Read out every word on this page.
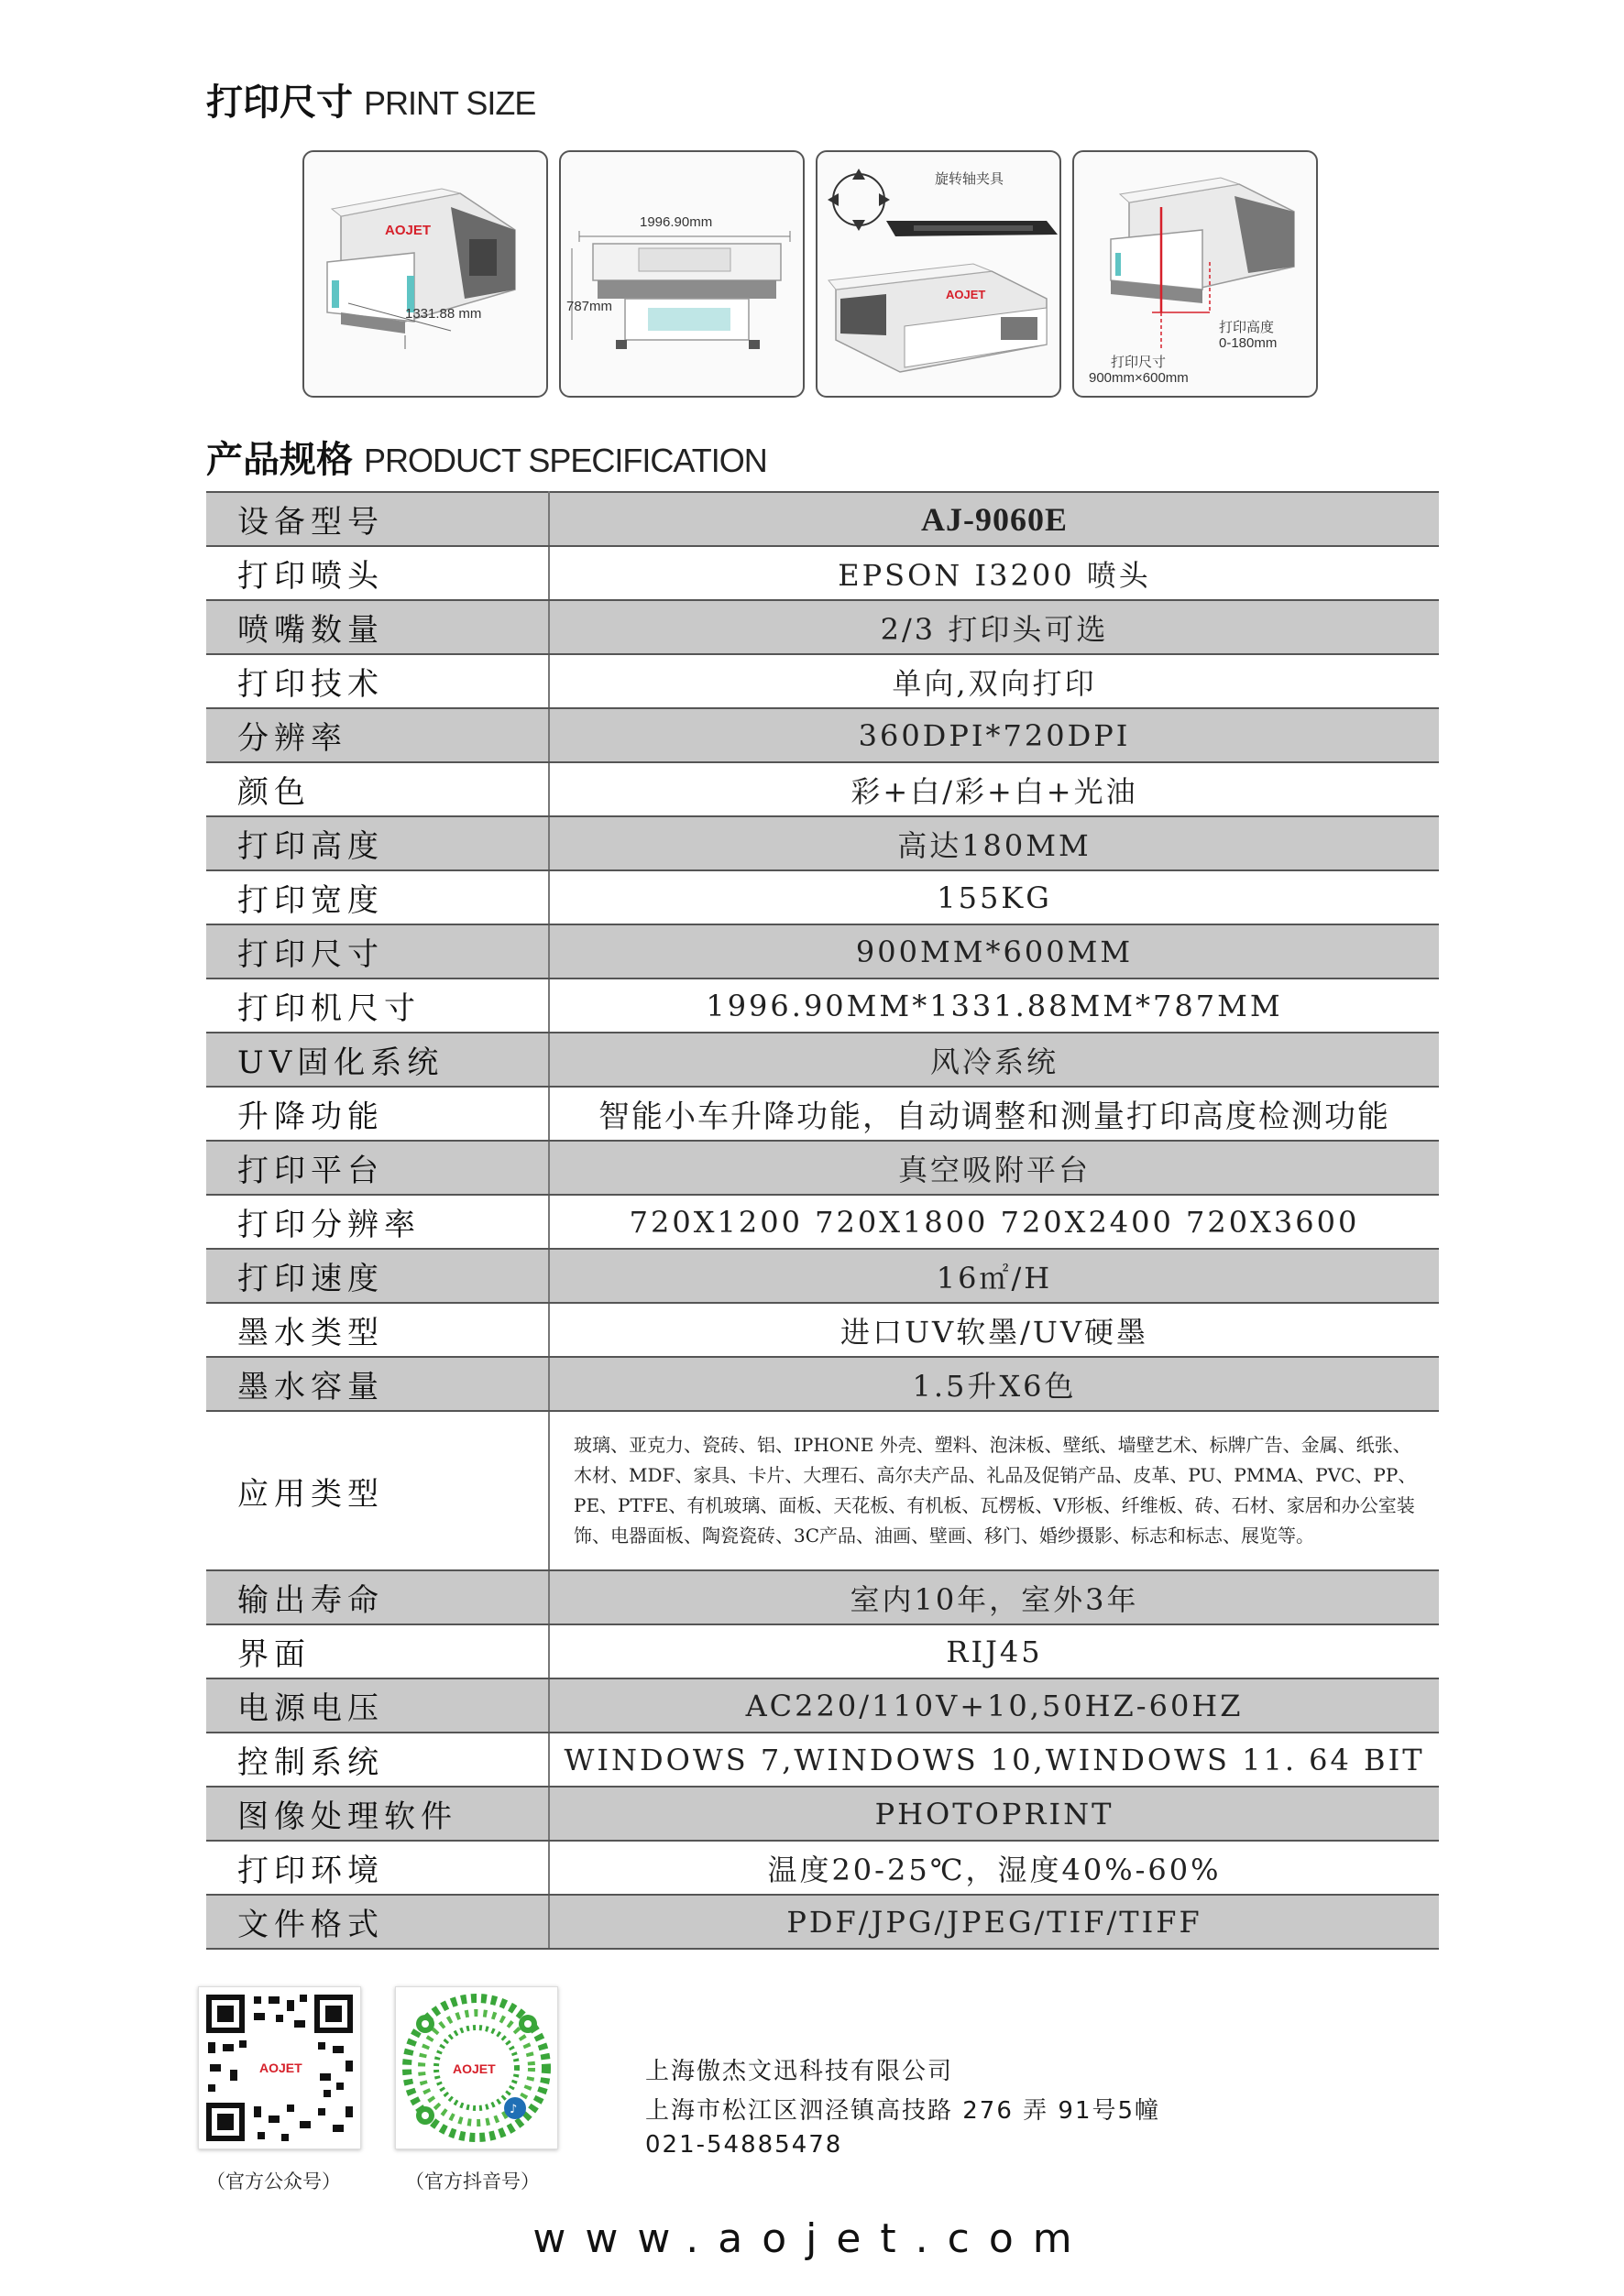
打印尺寸 PRINT SIZE
AOJET
1331.88 mm
1996.90mm
787mm
AOJET
旋转轴夹具
打印高度
0-180mm
打印尺寸
900mm×600mm
产品规格 PRODUCT SPECIFICATION
设备型号	AJ-9060E
打印喷头	EPSON I3200 喷头
喷嘴数量	2/3 打印头可选
打印技术	单向,双向打印
分辨率	360DPI*720DPI
颜色	彩+白/彩+白+光油
打印高度	高达180MM
打印宽度	155KG
打印尺寸	900MM*600MM
打印机尺寸	1996.90MM*1331.88MM*787MM
UV固化系统	风冷系统
升降功能	智能小车升降功能，自动调整和测量打印高度检测功能
打印平台	真空吸附平台
打印分辨率	720X1200 720X1800 720X2400 720X3600
打印速度	16㎡/H
墨水类型	进口UV软墨/UV硬墨
墨水容量	1.5升X6色
应用类型	玻璃、亚克力、瓷砖、铝、IPHONE 外壳、塑料、泡沫板、壁纸、墙壁艺术、标牌广告、金属、纸张、木材、MDF、家具、卡片、大理石、高尔夫产品、礼品及促销产品、皮革、PU、PMMA、PVC、PP、PE、PTFE、有机玻璃、面板、天花板、有机板、瓦楞板、V形板、纤维板、砖、石材、家居和办公室装饰、电器面板、陶瓷瓷砖、3C产品、油画、壁画、移门、婚纱摄影、标志和标志、展览等。
输出寿命	室内10年，室外3年
界面	RIJ45
电源电压	AC220/110V+10,50HZ-60HZ
控制系统	WINDOWS 7,WINDOWS 10,WINDOWS 11. 64 BIT
图像处理软件	PHOTOPRINT
打印环境	温度20-25℃，湿度40%-60%
文件格式	PDF/JPG/JPEG/TIF/TIFF
AOJET	AOJET
♪
（官方公众号）	（官方抖音号）
上海傲杰文迅科技有限公司
上海市松江区泗泾镇高技路 276 弄 91号5幢
021-54885478
www.aojet.com
